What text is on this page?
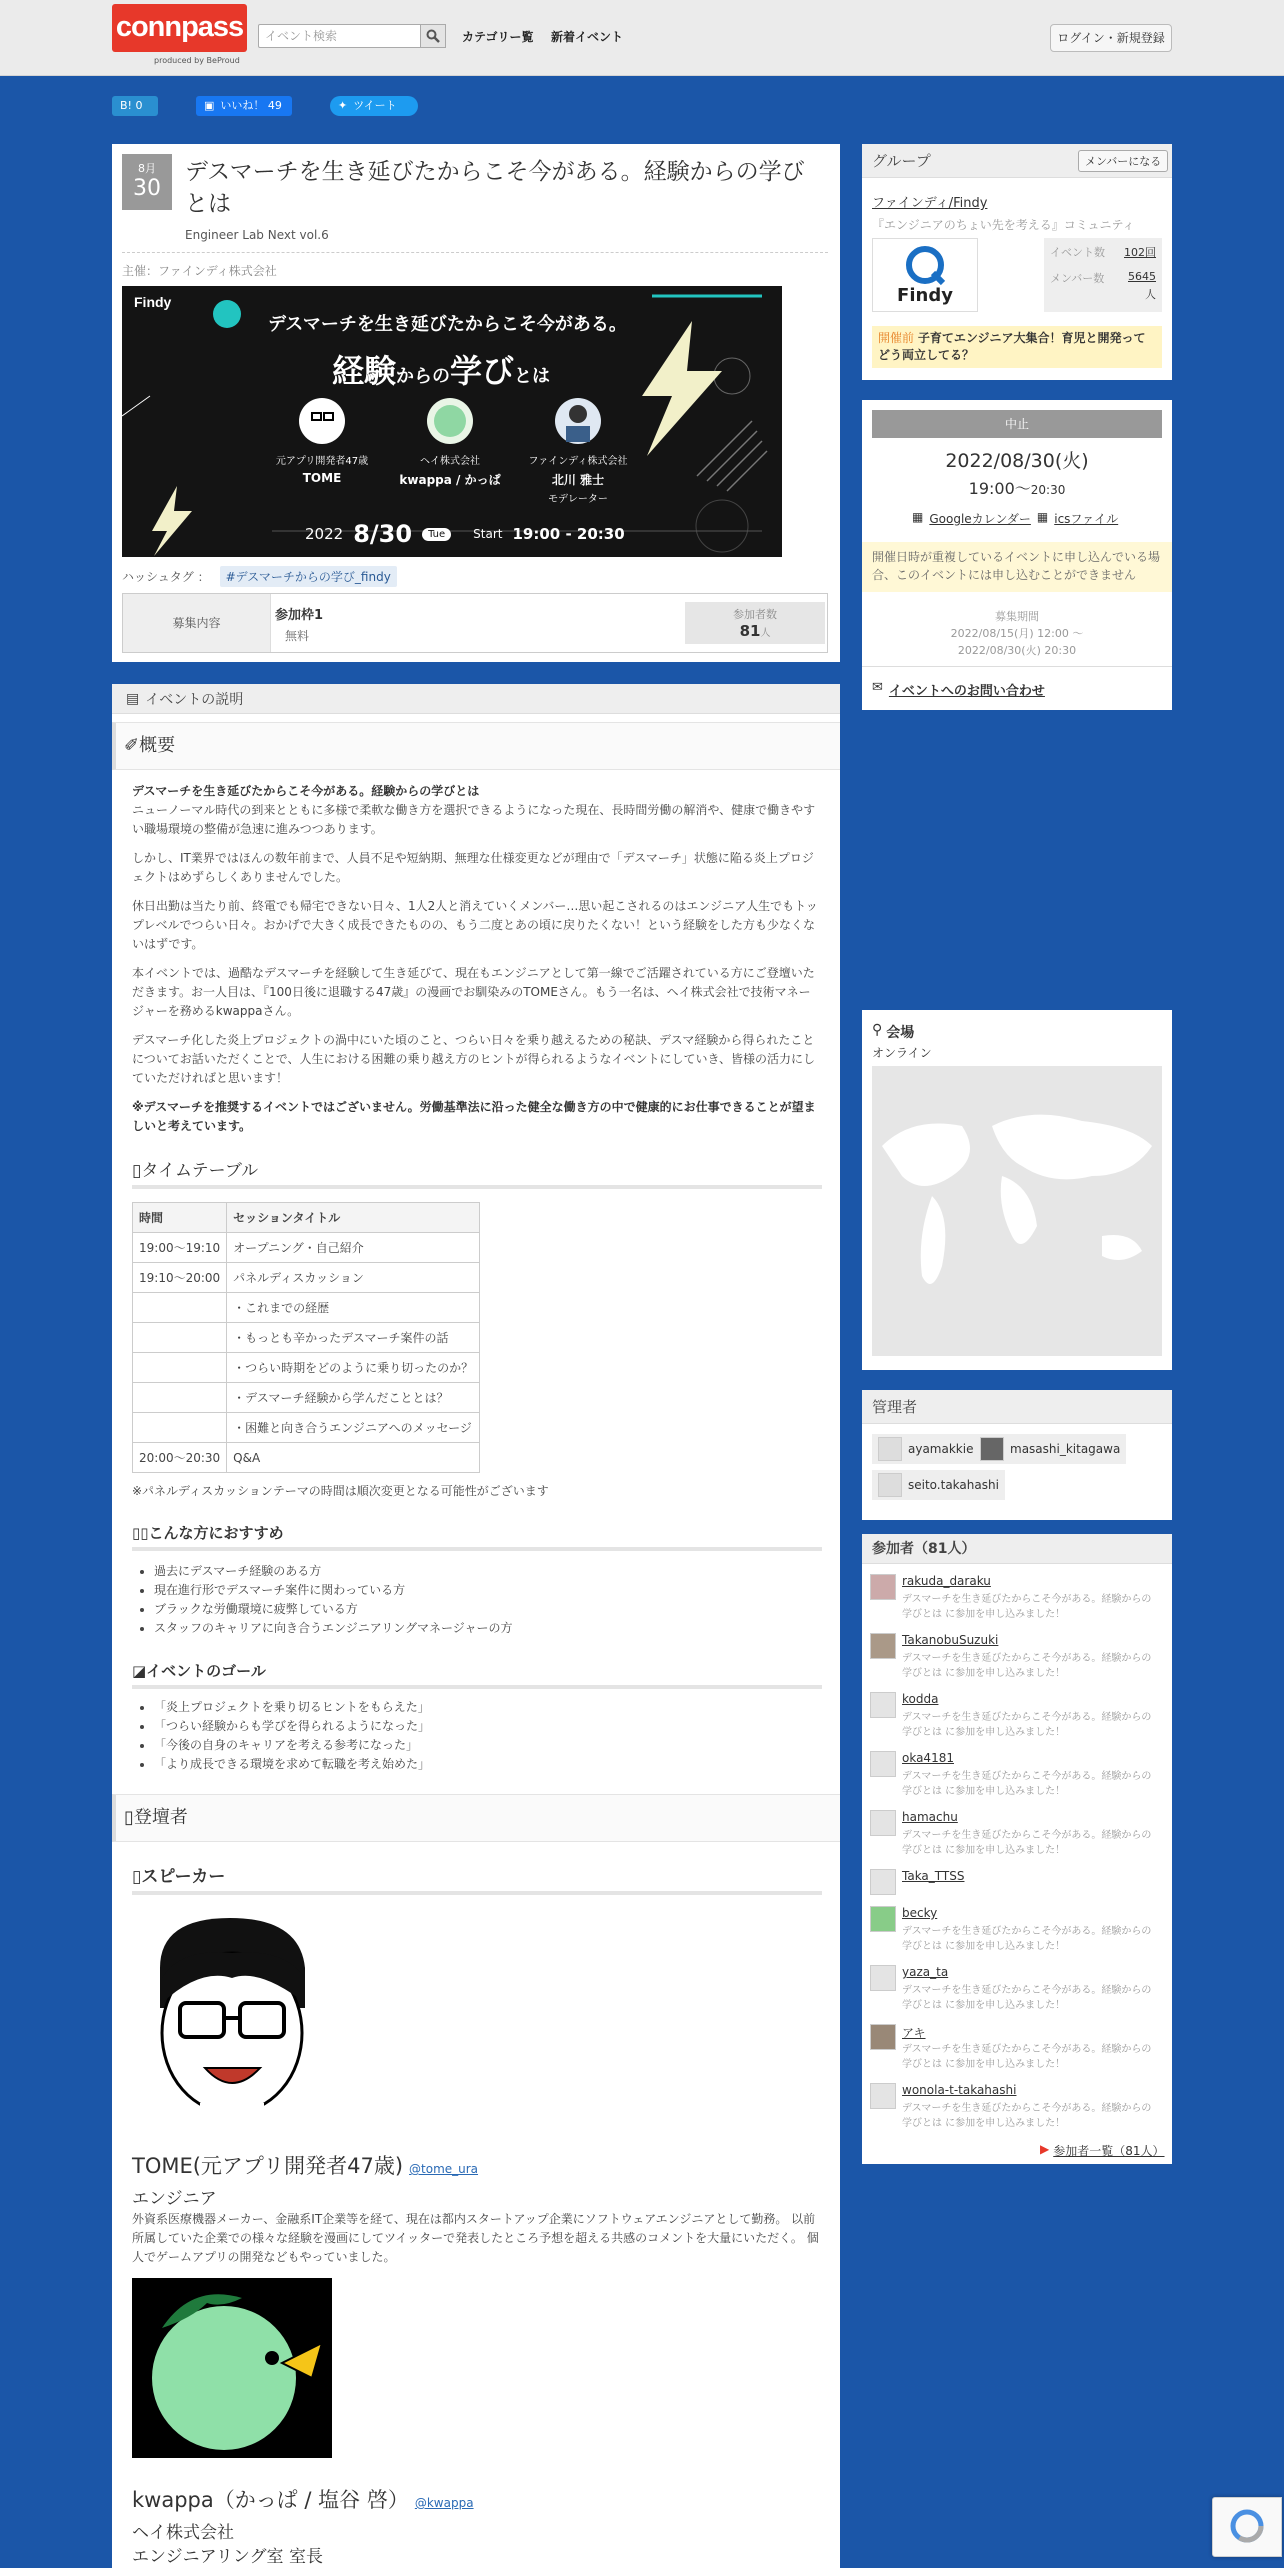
connpass
produced by BeProud
イベント検索	カテゴリー覧 新着イベント	ログイン・新規登録
B! 0	▣ いいね！ 49	✦ ツイート
8月
30
デスマーチを生き延びたからこそ今がある。経験からの学びとは
Engineer Lab Next vol.6
主催：ファインディ株式会社
Findy
デスマーチを生き延びたからこそ今がある。
経験からの学びとは
元アプリ開発者47歳
TOME
ヘイ株式会社
kwappa / かっぱ
ファインディ株式会社
北川 雅士
モデレーター
2022 8/30	Tue	Start 19:00 - 20:30
ハッシュタグ ：	#デスマーチからの学び_findy
募集内容	参加枠1
無料
参加者数
81人
▤ イベントの説明
✐概要
デスマーチを生き延びたからこそ今がある。経験からの学びとは
ニューノーマル時代の到来とともに多様で柔軟な働き方を選択できるようになった現在、長時間労働の解消や、健康で働きやすい職場環境の整備が急速に進みつつあります。
しかし、IT業界ではほんの数年前まで、人員不足や短納期、無理な仕様変更などが理由で「デスマーチ」状態に陥る炎上プロジェクトはめずらしくありませんでした。
休日出勤は当たり前、終電でも帰宅できない日々、1人2人と消えていくメンバー…思い起こされるのはエンジニア人生でもトップレベルでつらい日々。おかげで大きく成長できたものの、もう二度とあの頃に戻りたくない！という経験をした方も少なくないはずです。
本イベントでは、過酷なデスマーチを経験して生き延びて、現在もエンジニアとして第一線でご活躍されている方にご登壇いただきます。お一人目は、『100日後に退職する47歳』の漫画でお馴染みのTOMEさん。もう一名は、ヘイ株式会社で技術マネージャーを務めるkwappaさん。
デスマーチ化した炎上プロジェクトの渦中にいた頃のこと、つらい日々を乗り越えるための秘訣、デスマ経験から得られたことについてお話いただくことで、人生における困難の乗り越え方のヒントが得られるようなイベントにしていき、皆様の活力にしていただければと思います！
※デスマーチを推奨するイベントではございません。労働基準法に沿った健全な働き方の中で健康的にお仕事できることが望ましいと考えています。
▯タイムテーブル
時間	セッションタイトル
19:00～19:10	オープニング・自己紹介
19:10～20:00	パネルディスカッション
	・これまでの経歴
	・もっとも辛かったデスマーチ案件の話
	・つらい時期をどのように乗り切ったのか？
	・デスマーチ経験から学んだこととは？
	・困難と向き合うエンジニアへのメッセージ
20:00～20:30	Q&A
※パネルディスカッションテーマの時間は順次変更となる可能性がございます
▯▯こんな方におすすめ
• 過去にデスマーチ経験のある方
• 現在進行形でデスマーチ案件に関わっている方
• ブラックな労働環境に疲弊している方
• スタッフのキャリアに向き合うエンジニアリングマネージャーの方
◪イベントのゴール
• 「炎上プロジェクトを乗り切るヒントをもらえた」
• 「つらい経験からも学びを得られるようになった」
• 「今後の自身のキャリアを考える参考になった」
• 「より成長できる環境を求めて転職を考え始めた」
▯登壇者
▯スピーカー
TOME(元アプリ開発者47歳) @tome_ura
エンジニア
外資系医療機器メーカー、金融系IT企業等を経て、現在は都内スタートアップ企業にソフトウェアエンジニアとして勤務。 以前所属していた企業での様々な経験を漫画にしてツイッターで発表したところ予想を超える共感のコメントを大量にいただく。 個人でゲームアプリの開発などもやっていました。
kwappa（かっぱ / 塩谷 啓） @kwappa
ヘイ株式会社
エンジニアリング室 室長
グループ	メンバーになる
ファインディ/Findy
『エンジニアのちょい先を考える』コミュニティ
Findy
イベント数 102回
メンバー数 5645
人
開催前 子育てエンジニア大集合！育児と開発ってどう両立してる？
中止
2022/08/30(火)
19:00～20:30
▦ Googleカレンダー ▦ icsファイル
開催日時が重複しているイベントに申し込んでいる場合、このイベントには申し込むことができません
募集期間
2022/08/15(月) 12:00 〜
2022/08/30(火) 20:30
✉ イベントへのお問い合わせ
⚲ 会場
オンライン
管理者
ayamakkie	masashi_kitagawa
seito.takahashi
参加者（81人）
rakuda_daraku
デスマーチを生き延びたからこそ今がある。経験からの学びとは に参加を申し込みました！
TakanobuSuzuki
デスマーチを生き延びたからこそ今がある。経験からの学びとは に参加を申し込みました！
kodda
デスマーチを生き延びたからこそ今がある。経験からの学びとは に参加を申し込みました！
oka4181
デスマーチを生き延びたからこそ今がある。経験からの学びとは に参加を申し込みました！
hamachu
デスマーチを生き延びたからこそ今がある。経験からの学びとは に参加を申し込みました！
Taka_TTSS
becky
デスマーチを生き延びたからこそ今がある。経験からの学びとは に参加を申し込みました！
yaza_ta
デスマーチを生き延びたからこそ今がある。経験からの学びとは に参加を申し込みました！
アキ
デスマーチを生き延びたからこそ今がある。経験からの学びとは に参加を申し込みました！
wonola-t-takahashi
デスマーチを生き延びたからこそ今がある。経験からの学びとは に参加を申し込みました！
▶ 参加者一覧（81人）
